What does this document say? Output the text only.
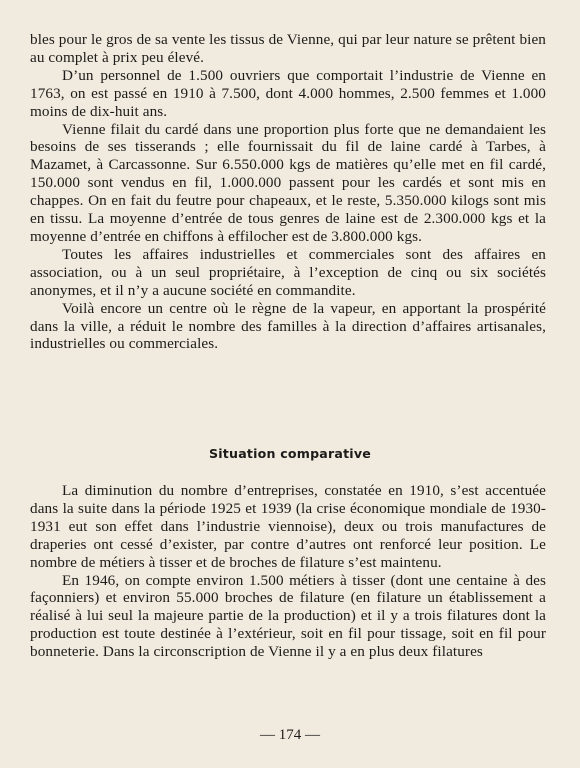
bles pour le gros de sa vente les tissus de Vienne, qui par leur nature se prêtent bien au complet à prix peu élevé.

D’un personnel de 1.500 ouvriers que comportait l’industrie de Vienne en 1763, on est passé en 1910 à 7.500, dont 4.000 hommes, 2.500 femmes et 1.000 moins de dix-huit ans.

Vienne filait du cardé dans une proportion plus forte que ne demandaient les besoins de ses tisserands ; elle fournissait du fil de laine cardé à Tarbes, à Mazamet, à Carcassonne. Sur 6.550.000 kgs de matières qu’elle met en fil cardé, 150.000 sont vendus en fil, 1.000.000 passent pour les cardés et sont mis en chappes. On en fait du feutre pour chapeaux, et le reste, 5.350.000 kilogs sont mis en tissu. La moyenne d’entrée de tous genres de laine est de 2.300.000 kgs et la moyenne d’entrée en chiffons à effilocher est de 3.800.000 kgs.

Toutes les affaires industrielles et commerciales sont des affaires en association, ou à un seul propriétaire, à l’exception de cinq ou six sociétés anonymes, et il n’y a aucune société en commandite.

Voilà encore un centre où le règne de la vapeur, en apportant la prospérité dans la ville, a réduit le nombre des familles à la direction d’affaires artisanales, industrielles ou commerciales.

Situation comparative

La diminution du nombre d’entreprises, constatée en 1910, s’est accentuée dans la suite dans la période 1925 et 1939 (la crise économique mondiale de 1930-1931 eut son effet dans l’industrie viennoise), deux ou trois manufactures de draperies ont cessé d’exister, par contre d’autres ont renforcé leur position. Le nombre de métiers à tisser et de broches de filature s’est maintenu.

En 1946, on compte environ 1.500 métiers à tisser (dont une centaine à des façonniers) et environ 55.000 broches de filature (en filature un établissement a réalisé à lui seul la majeure partie de la production) et il y a trois filatures dont la production est toute destinée à l’extérieur, soit en fil pour tissage, soit en fil pour bonneterie. Dans la circonscription de Vienne il y a en plus deux filatures

— 174 —
